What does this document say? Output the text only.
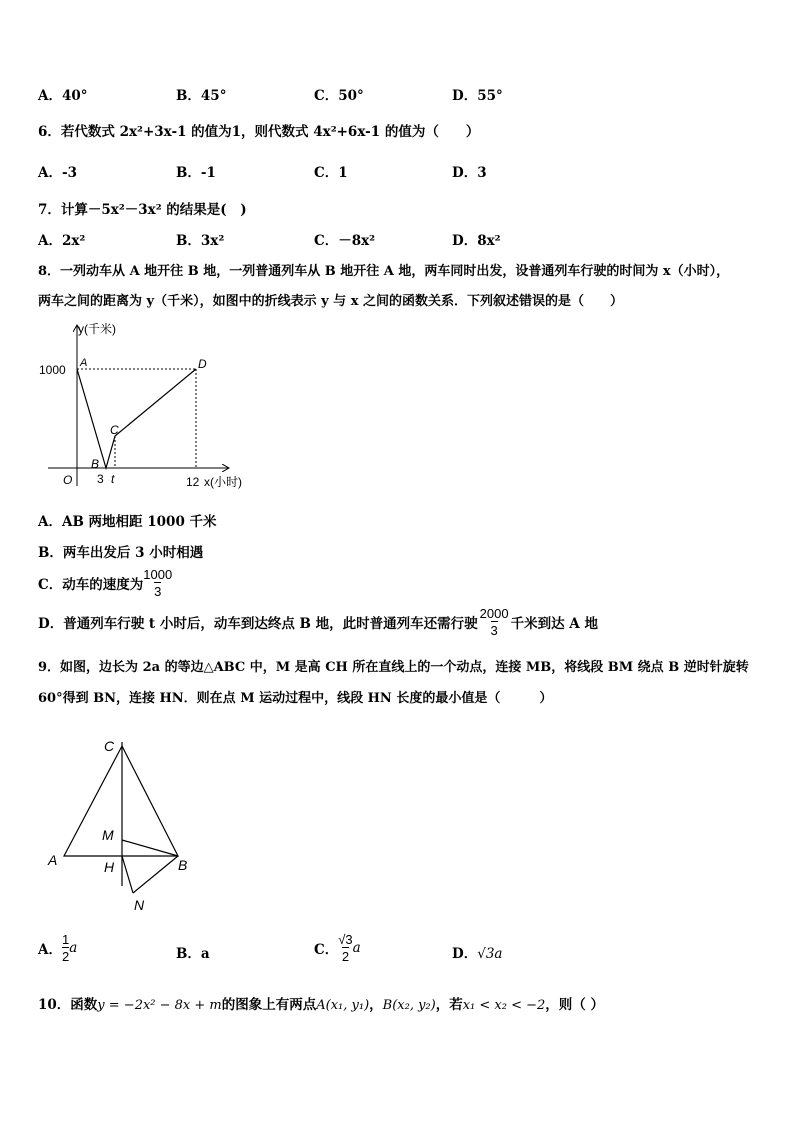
A．40°	B．45°	C．50°	D．55°
6．若代数式 2x²+3x-1 的值为1，则代数式 4x²+6x-1 的值为（　　）
A．-3	B．-1	C．1	D．3
7．计算－5x²－3x² 的结果是(　)
A．2x²	B．3x²	C．－8x²	D．8x²
8．一列动车从 A 地开往 B 地，一列普通列车从 B 地开往 A 地，两车同时出发，设普通列车行驶的时间为 x（小时），
两车之间的距离为 y（千米），如图中的折线表示 y 与 x 之间的函数关系．下列叙述错误的是（　　）
y(千米)
x(小时)
O
1000
3 t	12
A
B
C
D
A．AB 两地相距 1000 千米
B．两车出发后 3 小时相遇
C．动车的速度为 $\frac{1000}{3}$
D．普通列车行驶 t 小时后，动车到达终点 B 地，此时普通列车还需行驶 $\frac{2000}{3}$ 千米到达 A 地
9．如图，边长为 2a 的等边△ABC 中，M 是高 CH 所在直线上的一个动点，连接 MB，将线段 BM 绕点 B 逆时针旋转
60°得到 BN，连接 HN．则在点 M 运动过程中，线段 HN 长度的最小值是（　　　）
C
M
A	H	B
N
A． $\frac{1}{2}$ a	B．a	C． $\frac{√3}{2}$ a	D．√3a
10．函数y = −2x² − 8x + m的图象上有两点A(x₁, y₁)，B(x₂, y₂)，若x₁ < x₂ < −2，则（ ）
